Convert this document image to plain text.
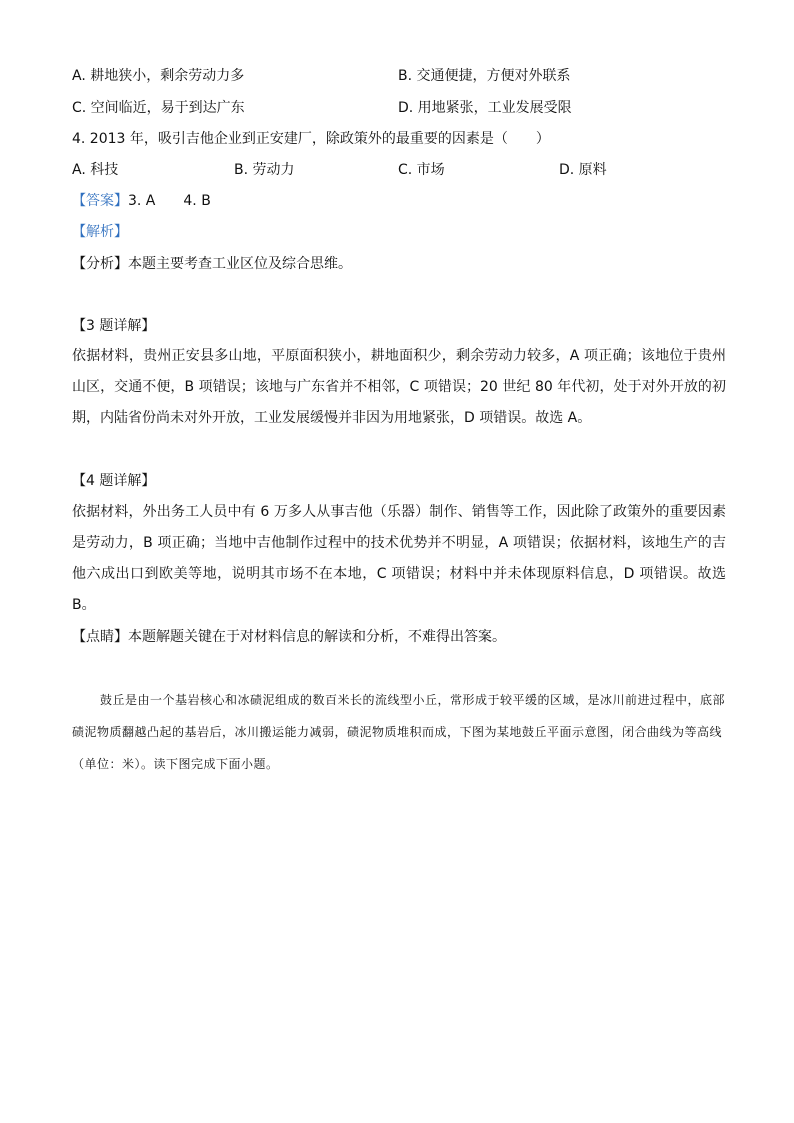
A. 耕地狭小，剩余劳动力多	B. 交通便捷，方便对外联系
C. 空间临近，易于到达广东	D. 用地紧张，工业发展受限
4. 2013 年，吸引吉他企业到正安建厂，除政策外的最重要的因素是（　　）
A. 科技	B. 劳动力	C. 市场	D. 原料
【答案】3. A　　4. B
【解析】
【分析】本题主要考查工业区位及综合思维。
【3 题详解】
依据材料，贵州正安县多山地，平原面积狭小，耕地面积少，剩余劳动力较多，A 项正确；该地位于贵州山区，交通不便，B 项错误；该地与广东省并不相邻，C 项错误；20 世纪 80 年代初，处于对外开放的初期，内陆省份尚未对外开放，工业发展缓慢并非因为用地紧张，D 项错误。故选 A。
【4 题详解】
依据材料，外出务工人员中有 6 万多人从事吉他（乐器）制作、销售等工作，因此除了政策外的重要因素是劳动力，B 项正确；当地中吉他制作过程中的技术优势并不明显，A 项错误；依据材料，该地生产的吉他六成出口到欧美等地，说明其市场不在本地，C 项错误；材料中并未体现原料信息，D 项错误。故选 B。
【点睛】本题解题关键在于对材料信息的解读和分析，不难得出答案。
鼓丘是由一个基岩核心和冰碛泥组成的数百米长的流线型小丘，常形成于较平缓的区域，是冰川前进过程中，底部碛泥物质翻越凸起的基岩后，冰川搬运能力减弱，碛泥物质堆积而成，下图为某地鼓丘平面示意图，闭合曲线为等高线（单位：米）。读下图完成下面小题。
